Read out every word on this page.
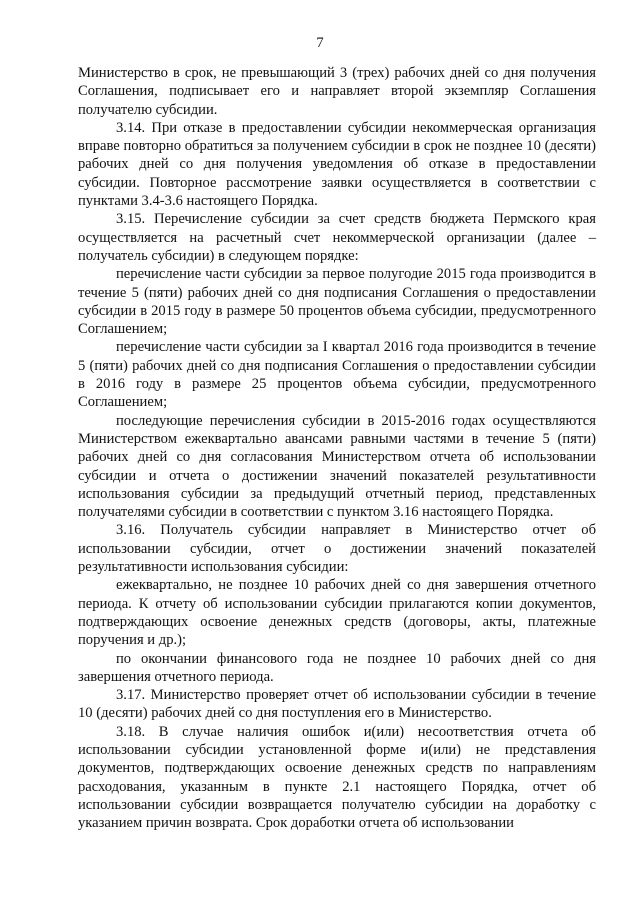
7

Министерство в срок, не превышающий 3 (трех) рабочих дней со дня получения Соглашения, подписывает его и направляет второй экземпляр Соглашения получателю субсидии.

3.14. При отказе в предоставлении субсидии некоммерческая организация вправе повторно обратиться за получением субсидии в срок не позднее 10 (десяти) рабочих дней со дня получения уведомления об отказе в предоставлении субсидии. Повторное рассмотрение заявки осуществляется в соответствии с пунктами 3.4-3.6 настоящего Порядка.

3.15. Перечисление субсидии за счет средств бюджета Пермского края осуществляется на расчетный счет некоммерческой организации (далее – получатель субсидии) в следующем порядке:

перечисление части субсидии за первое полугодие 2015 года производится в течение 5 (пяти) рабочих дней со дня подписания Соглашения о предоставлении субсидии в 2015 году в размере 50 процентов объема субсидии, предусмотренного Соглашением;

перечисление части субсидии за I квартал 2016 года производится в течение 5 (пяти) рабочих дней со дня подписания Соглашения о предоставлении субсидии в 2016 году в размере 25 процентов объема субсидии, предусмотренного Соглашением;

последующие перечисления субсидии в 2015-2016 годах осуществляются Министерством ежеквартально авансами равными частями в течение 5 (пяти) рабочих дней со дня согласования Министерством отчета об использовании субсидии и отчета о достижении значений показателей результативности использования субсидии за предыдущий отчетный период, представленных получателями субсидии в соответствии с пунктом 3.16 настоящего Порядка.

3.16. Получатель субсидии направляет в Министерство отчет об использовании субсидии, отчет о достижении значений показателей результативности использования субсидии:

ежеквартально, не позднее 10 рабочих дней со дня завершения отчетного периода. К отчету об использовании субсидии прилагаются копии документов, подтверждающих освоение денежных средств (договоры, акты, платежные поручения и др.);

по окончании финансового года не позднее 10 рабочих дней со дня завершения отчетного периода.

3.17. Министерство проверяет отчет об использовании субсидии в течение 10 (десяти) рабочих дней со дня поступления его в Министерство.

3.18. В случае наличия ошибок и(или) несоответствия отчета об использовании субсидии установленной форме и(или) не представления документов, подтверждающих освоение денежных средств по направлениям расходования, указанным в пункте 2.1 настоящего Порядка, отчет об использовании субсидии возвращается получателю субсидии на доработку с указанием причин возврата. Срок доработки отчета об использовании
